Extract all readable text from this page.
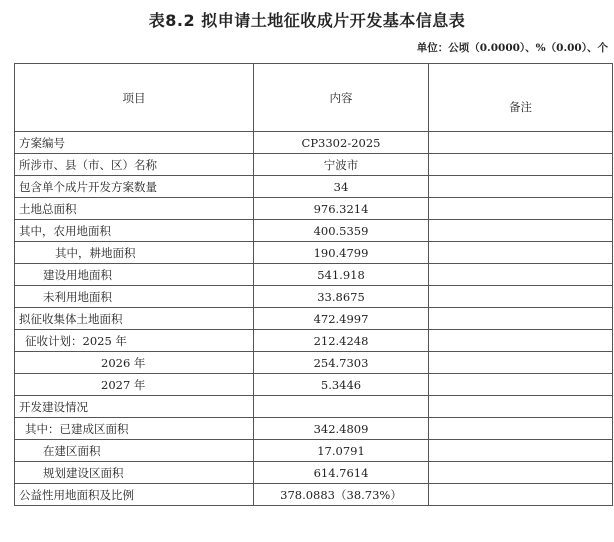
表8.2 拟申请土地征收成片开发基本信息表
单位：公顷（0.0000）、%（0.00）、个
项目	内容	备注
方案编号	CP3302-2025	
所涉市、县（市、区）名称	宁波市	
包含单个成片开发方案数量	34	
土地总面积	976.3214	
其中，农用地面积	400.5359	
其中，耕地面积	190.4799	
建设用地面积	541.918	
未利用地面积	33.8675	
拟征收集体土地面积	472.4997	
征收计划：2025 年	212.4248	
2026 年	254.7303	
2027 年	5.3446	
开发建设情况		
其中：已建成区面积	342.4809	
在建区面积	17.0791	
规划建设区面积	614.7614	
公益性用地面积及比例	378.0883（38.73%）	
